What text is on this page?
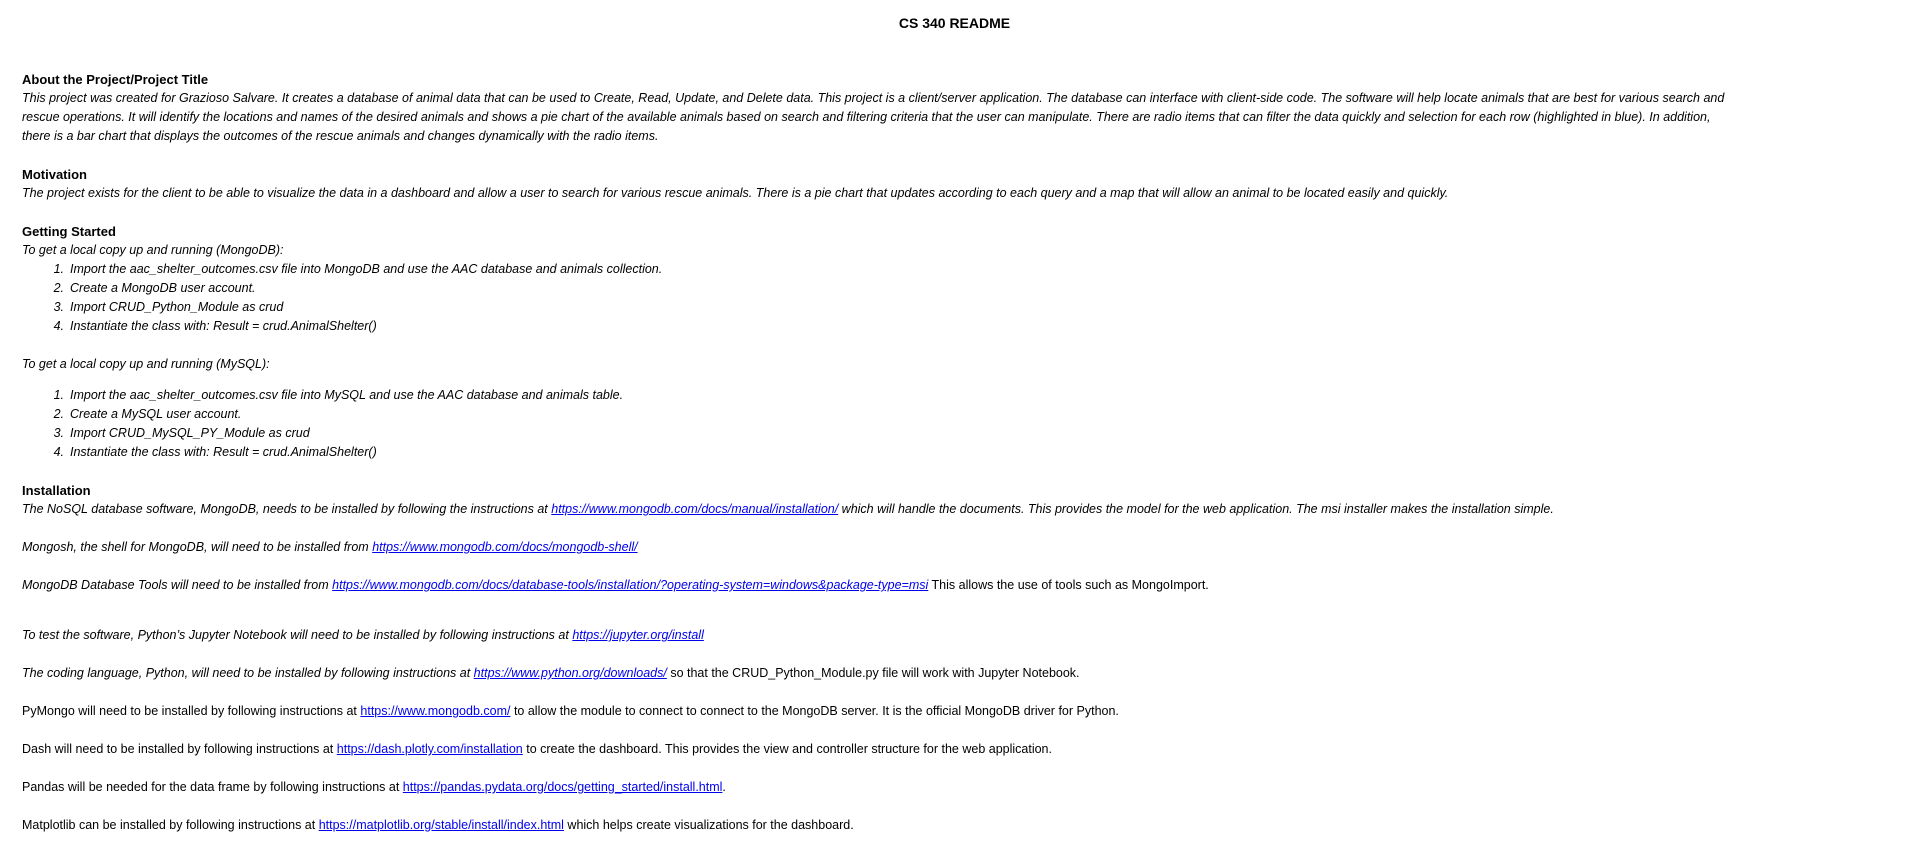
CS 340 README

About the Project/Project Title

This project was created for Grazioso Salvare. It creates a database of animal data that can be used to Create, Read, Update, and Delete data. This project is a client/server application. The database can interface with client-side code. The software will help locate animals that are best for various search and

rescue operations. It will identify the locations and names of the desired animals and shows a pie chart of the available animals based on search and filtering criteria that the user can manipulate. There are radio items that can filter the data quickly and selection for each row (highlighted in blue). In addition,

there is a bar chart that displays the outcomes of the rescue animals and changes dynamically with the radio items.

Motivation

The project exists for the client to be able to visualize the data in a dashboard and allow a user to search for various rescue animals. There is a pie chart that updates according to each query and a map that will allow an animal to be located easily and quickly.

Getting Started

To get a local copy up and running (MongoDB):

1. Import the aac_shelter_outcomes.csv file into MongoDB and use the AAC database and animals collection.
2. Create a MongoDB user account.
3. Import CRUD_Python_Module as crud
4. Instantiate the class with: Result = crud.AnimalShelter()

To get a local copy up and running (MySQL):

1. Import the aac_shelter_outcomes.csv file into MySQL and use the AAC database and animals table.
2. Create a MySQL user account.
3. Import CRUD_MySQL_PY_Module as crud
4. Instantiate the class with: Result = crud.AnimalShelter()

Installation

The NoSQL database software, MongoDB, needs to be installed by following the instructions at https://www.mongodb.com/docs/manual/installation/ which will handle the documents. This provides the model for the web application. The msi installer makes the installation simple.

Mongosh, the shell for MongoDB, will need to be installed from https://www.mongodb.com/docs/mongodb-shell/

MongoDB Database Tools will need to be installed from https://www.mongodb.com/docs/database-tools/installation/?operating-system=windows&package-type=msi This allows the use of tools such as MongoImport.

To test the software, Python’s Jupyter Notebook will need to be installed by following instructions at https://jupyter.org/install

The coding language, Python, will need to be installed by following instructions at https://www.python.org/downloads/ so that the CRUD_Python_Module.py file will work with Jupyter Notebook.

PyMongo will need to be installed by following instructions at https://www.mongodb.com/ to allow the module to connect to connect to the MongoDB server. It is the official MongoDB driver for Python.

Dash will need to be installed by following instructions at https://dash.plotly.com/installation to create the dashboard. This provides the view and controller structure for the web application.

Pandas will be needed for the data frame by following instructions at https://pandas.pydata.org/docs/getting_started/install.html.

Matplotlib can be installed by following instructions at https://matplotlib.org/stable/install/index.html which helps create visualizations for the dashboard.
